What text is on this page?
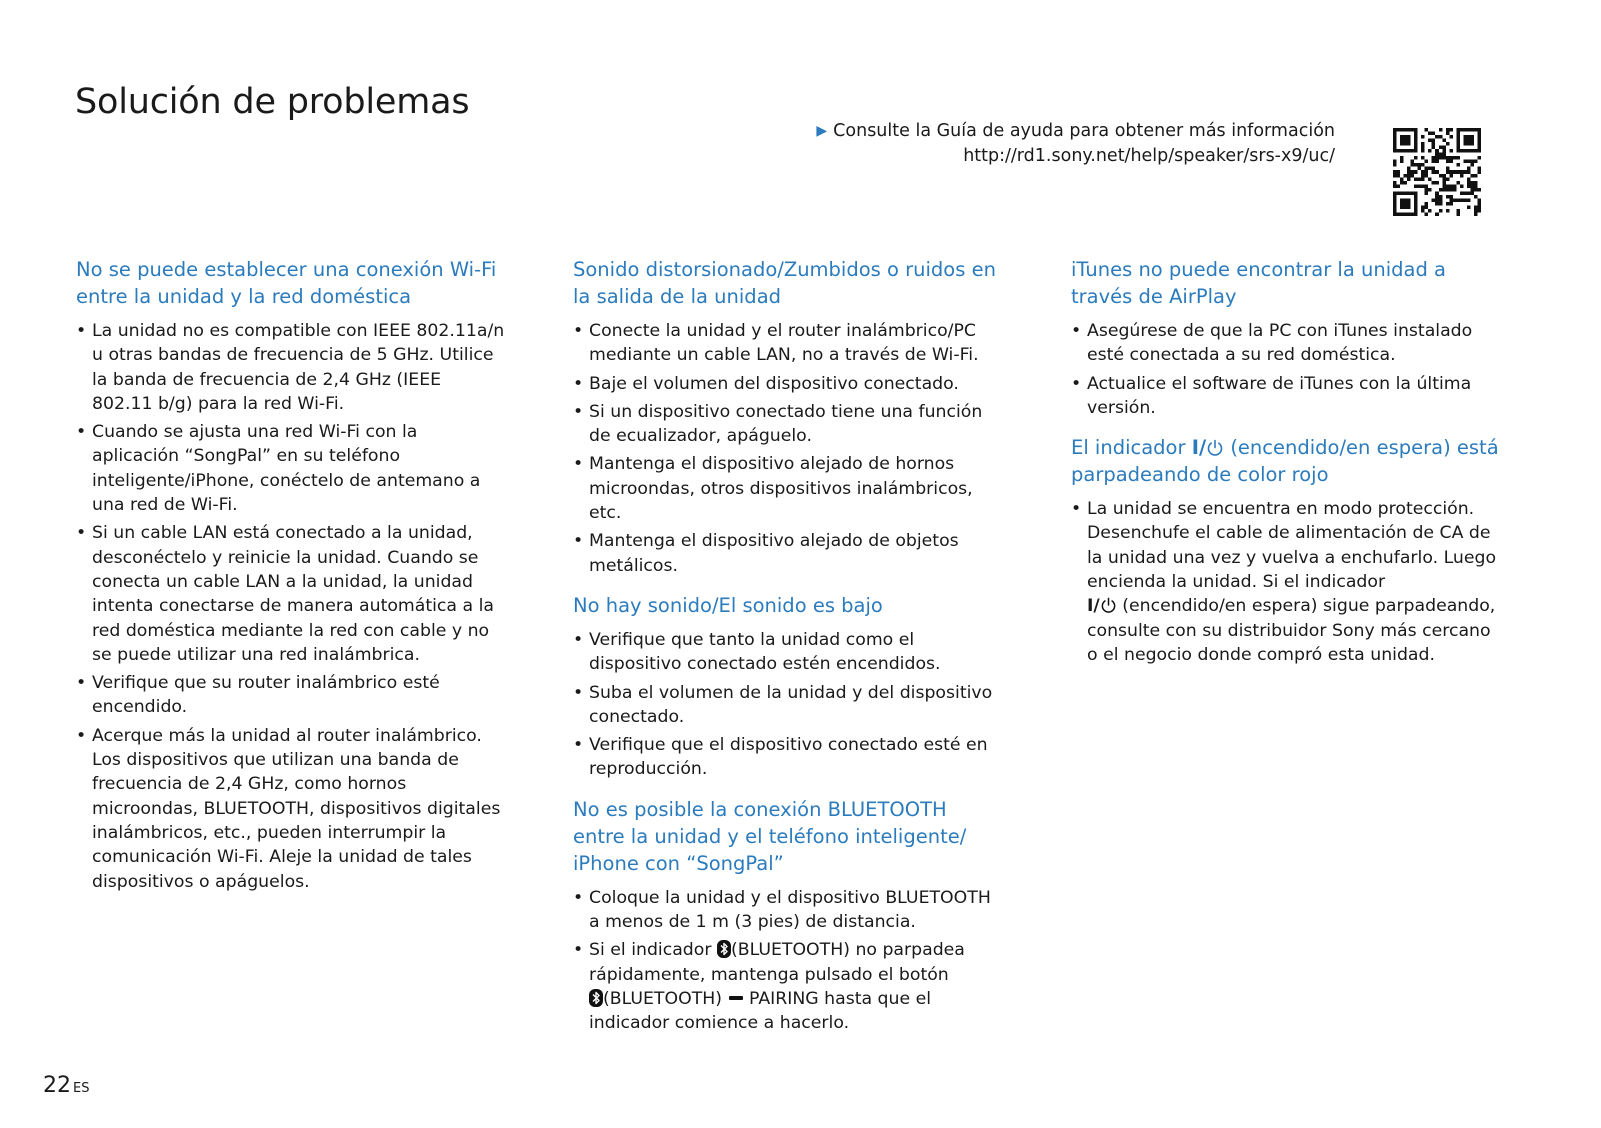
Solución de problemas
▶ Consulte la Guía de ayuda para obtener más información
http://rd1.sony.net/help/speaker/srs-x9/uc/
No se puede establecer una conexión Wi-Fi entre la unidad y la red doméstica
• La unidad no es compatible con IEEE 802.11a/n u otras bandas de frecuencia de 5 GHz. Utilice la banda de frecuencia de 2,4 GHz (IEEE 802.11 b/g) para la red Wi-Fi.
• Cuando se ajusta una red Wi-Fi con la aplicación “SongPal” en su teléfono inteligente/iPhone, conéctelo de antemano a una red de Wi-Fi.
• Si un cable LAN está conectado a la unidad, desconéctelo y reinicie la unidad. Cuando se conecta un cable LAN a la unidad, la unidad intenta conectarse de manera automática a la red doméstica mediante la red con cable y no se puede utilizar una red inalámbrica.
• Verifique que su router inalámbrico esté encendido.
• Acerque más la unidad al router inalámbrico. Los dispositivos que utilizan una banda de frecuencia de 2,4 GHz, como hornos microondas, BLUETOOTH, dispositivos digitales inalámbricos, etc., pueden interrumpir la comunicación Wi-Fi. Aleje la unidad de tales dispositivos o apáguelos.
Sonido distorsionado/Zumbidos o ruidos en la salida de la unidad
• Conecte la unidad y el router inalámbrico/PC mediante un cable LAN, no a través de Wi-Fi.
• Baje el volumen del dispositivo conectado.
• Si un dispositivo conectado tiene una función de ecualizador, apáguelo.
• Mantenga el dispositivo alejado de hornos microondas, otros dispositivos inalámbricos, etc.
• Mantenga el dispositivo alejado de objetos metálicos.
No hay sonido/El sonido es bajo
• Verifique que tanto la unidad como el dispositivo conectado estén encendidos.
• Suba el volumen de la unidad y del dispositivo conectado.
• Verifique que el dispositivo conectado esté en reproducción.
No es posible la conexión BLUETOOTH entre la unidad y el teléfono inteligente/ iPhone con “SongPal”
• Coloque la unidad y el dispositivo BLUETOOTH a menos de 1 m (3 pies) de distancia.
• Si el indicador (BLUETOOTH) no parpadea rápidamente, mantenga pulsado el botón
(BLUETOOTH) PAIRING hasta que el indicador comience a hacerlo.
iTunes no puede encontrar la unidad a través de AirPlay
• Asegúrese de que la PC con iTunes instalado esté conectada a su red doméstica.
• Actualice el software de iTunes con la última versión.
El indicador I/ (encendido/en espera) está parpadeando de color rojo
• La unidad se encuentra en modo protección. Desenchufe el cable de alimentación de CA de la unidad una vez y vuelva a enchufarlo. Luego encienda la unidad. Si el indicador
I/ (encendido/en espera) sigue parpadeando, consulte con su distribuidor Sony más cercano o el negocio donde compró esta unidad.
22 ES
